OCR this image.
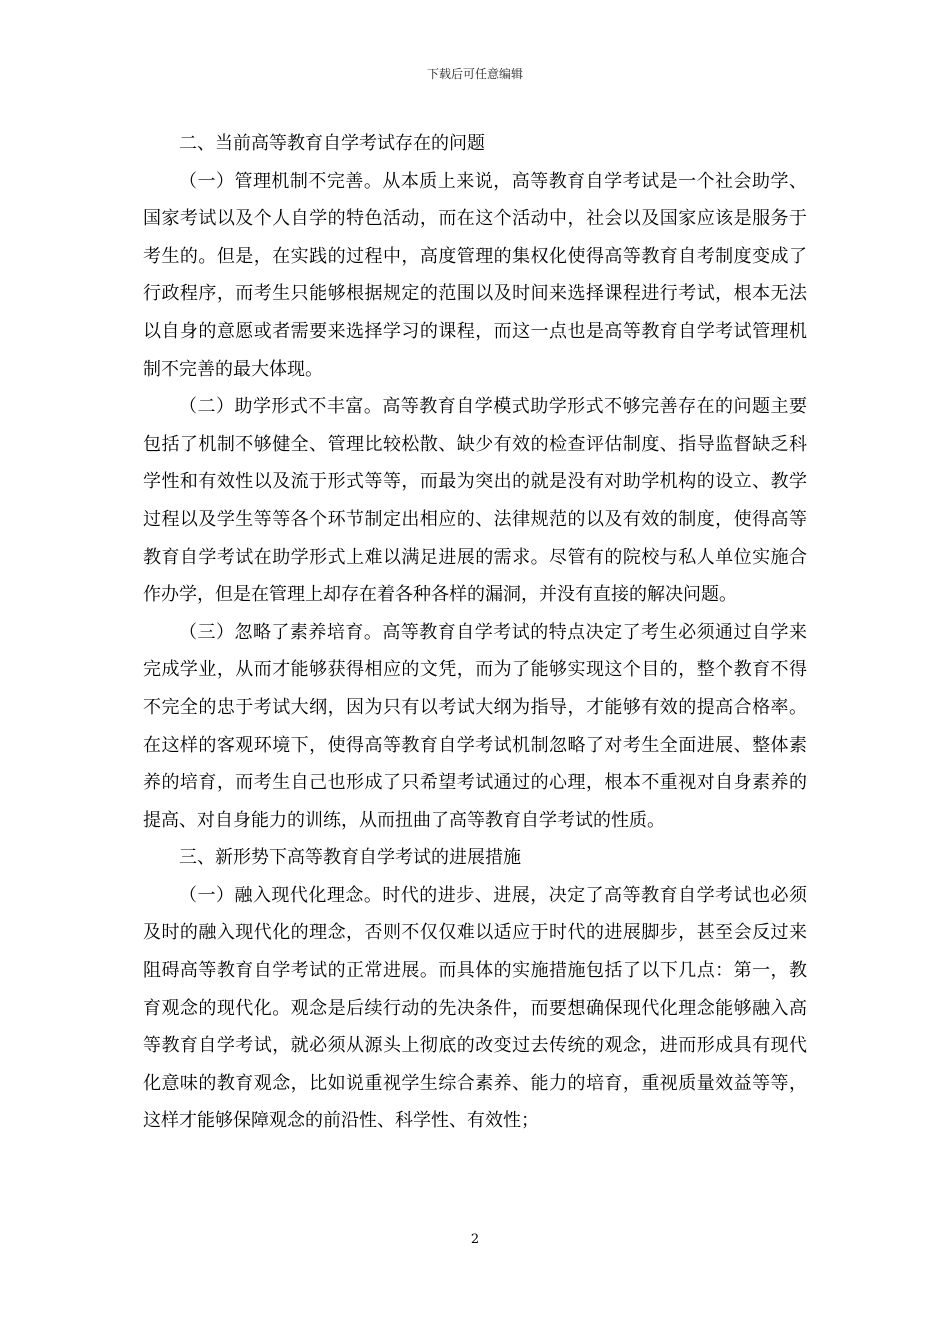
下载后可任意编辑

二、当前高等教育自学考试存在的问题

（一）管理机制不完善。从本质上来说，高等教育自学考试是一个社会助学、国家考试以及个人自学的特色活动，而在这个活动中，社会以及国家应该是服务于考生的。但是，在实践的过程中，高度管理的集权化使得高等教育自考制度变成了行政程序，而考生只能够根据规定的范围以及时间来选择课程进行考试，根本无法以自身的意愿或者需要来选择学习的课程，而这一点也是高等教育自学考试管理机制不完善的最大体现。

（二）助学形式不丰富。高等教育自学模式助学形式不够完善存在的问题主要包括了机制不够健全、管理比较松散、缺少有效的检查评估制度、指导监督缺乏科学性和有效性以及流于形式等等，而最为突出的就是没有对助学机构的设立、教学过程以及学生等等各个环节制定出相应的、法律规范的以及有效的制度，使得高等教育自学考试在助学形式上难以满足进展的需求。尽管有的院校与私人单位实施合作办学，但是在管理上却存在着各种各样的漏洞，并没有直接的解决问题。

（三）忽略了素养培育。高等教育自学考试的特点决定了考生必须通过自学来完成学业，从而才能够获得相应的文凭，而为了能够实现这个目的，整个教育不得不完全的忠于考试大纲，因为只有以考试大纲为指导，才能够有效的提高合格率。在这样的客观环境下，使得高等教育自学考试机制忽略了对考生全面进展、整体素养的培育，而考生自己也形成了只希望考试通过的心理，根本不重视对自身素养的提高、对自身能力的训练，从而扭曲了高等教育自学考试的性质。

三、新形势下高等教育自学考试的进展措施

（一）融入现代化理念。时代的进步、进展，决定了高等教育自学考试也必须及时的融入现代化的理念，否则不仅仅难以适应于时代的进展脚步，甚至会反过来阻碍高等教育自学考试的正常进展。而具体的实施措施包括了以下几点：第一，教育观念的现代化。观念是后续行动的先决条件，而要想确保现代化理念能够融入高等教育自学考试，就必须从源头上彻底的改变过去传统的观念，进而形成具有现代化意味的教育观念，比如说重视学生综合素养、能力的培育，重视质量效益等等，这样才能够保障观念的前沿性、科学性、有效性；

2
